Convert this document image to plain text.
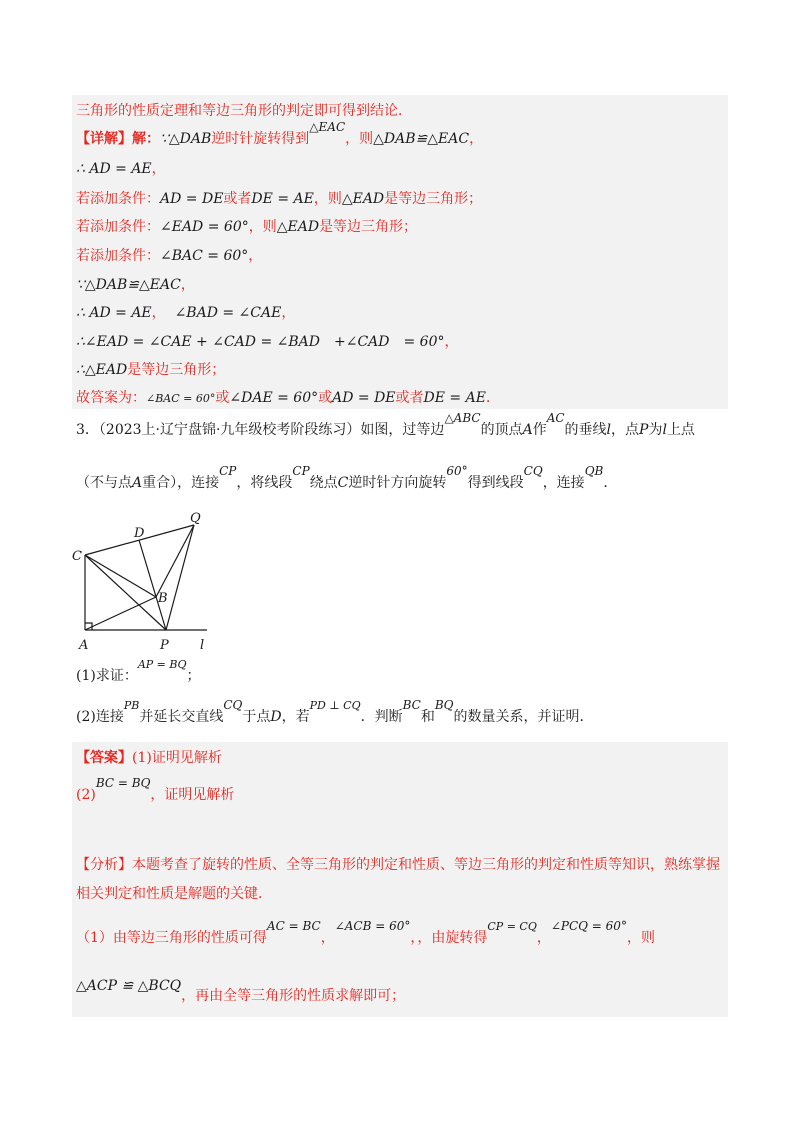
三角形的性质定理和等边三角形的判定即可得到结论．
【详解】解：∵△DAB逆时针旋转得到△EAC，则△DAB≌△EAC，
∴ AD = AE，
若添加条件：AD = DE或者DE = AE，则△EAD是等边三角形；
若添加条件：∠EAD = 60°，则△EAD是等边三角形；
若添加条件：∠BAC = 60°，
∵△DAB≌△EAC，
∴ AD = AE， ∠BAD = ∠CAE，
∴∠EAD = ∠CAE + ∠CAD = ∠BAD　+∠CAD　= 60°，
∴△EAD是等边三角形；
故答案为：∠BAC = 60°或∠DAE = 60°或AD = DE或者DE = AE．
3．（2023上·辽宁盘锦·九年级校考阶段练习）如图，过等边△ABC的顶点A作AC的垂线l，点P为l上点
（不与点A重合），连接CP，将线段CP绕点C逆时针方向旋转60°得到线段CQ，连接QB．
C
D
Q
B
A	P l
(1)求证：$^{AP = BQ}$；
(2)连接$^{PB}$并延长交直线CQ于点D，若$^{PD \perp CQ}$．判断BC和BQ的数量关系，并证明．
【答案】(1)证明见解析
(2)BC = BQ，证明见解析
【分析】本题考查了旋转的性质、全等三角形的判定和性质、等边三角形的判定和性质等知识，熟练掌握
相关判定和性质是解题的关键．
（1）由等边三角形的性质可得AC = BC，∠ACB = 60°，，由旋转得$^{CP = CQ}$，∠PCQ = 60°，则
△ACP ≌ △BCQ，再由全等三角形的性质求解即可；
